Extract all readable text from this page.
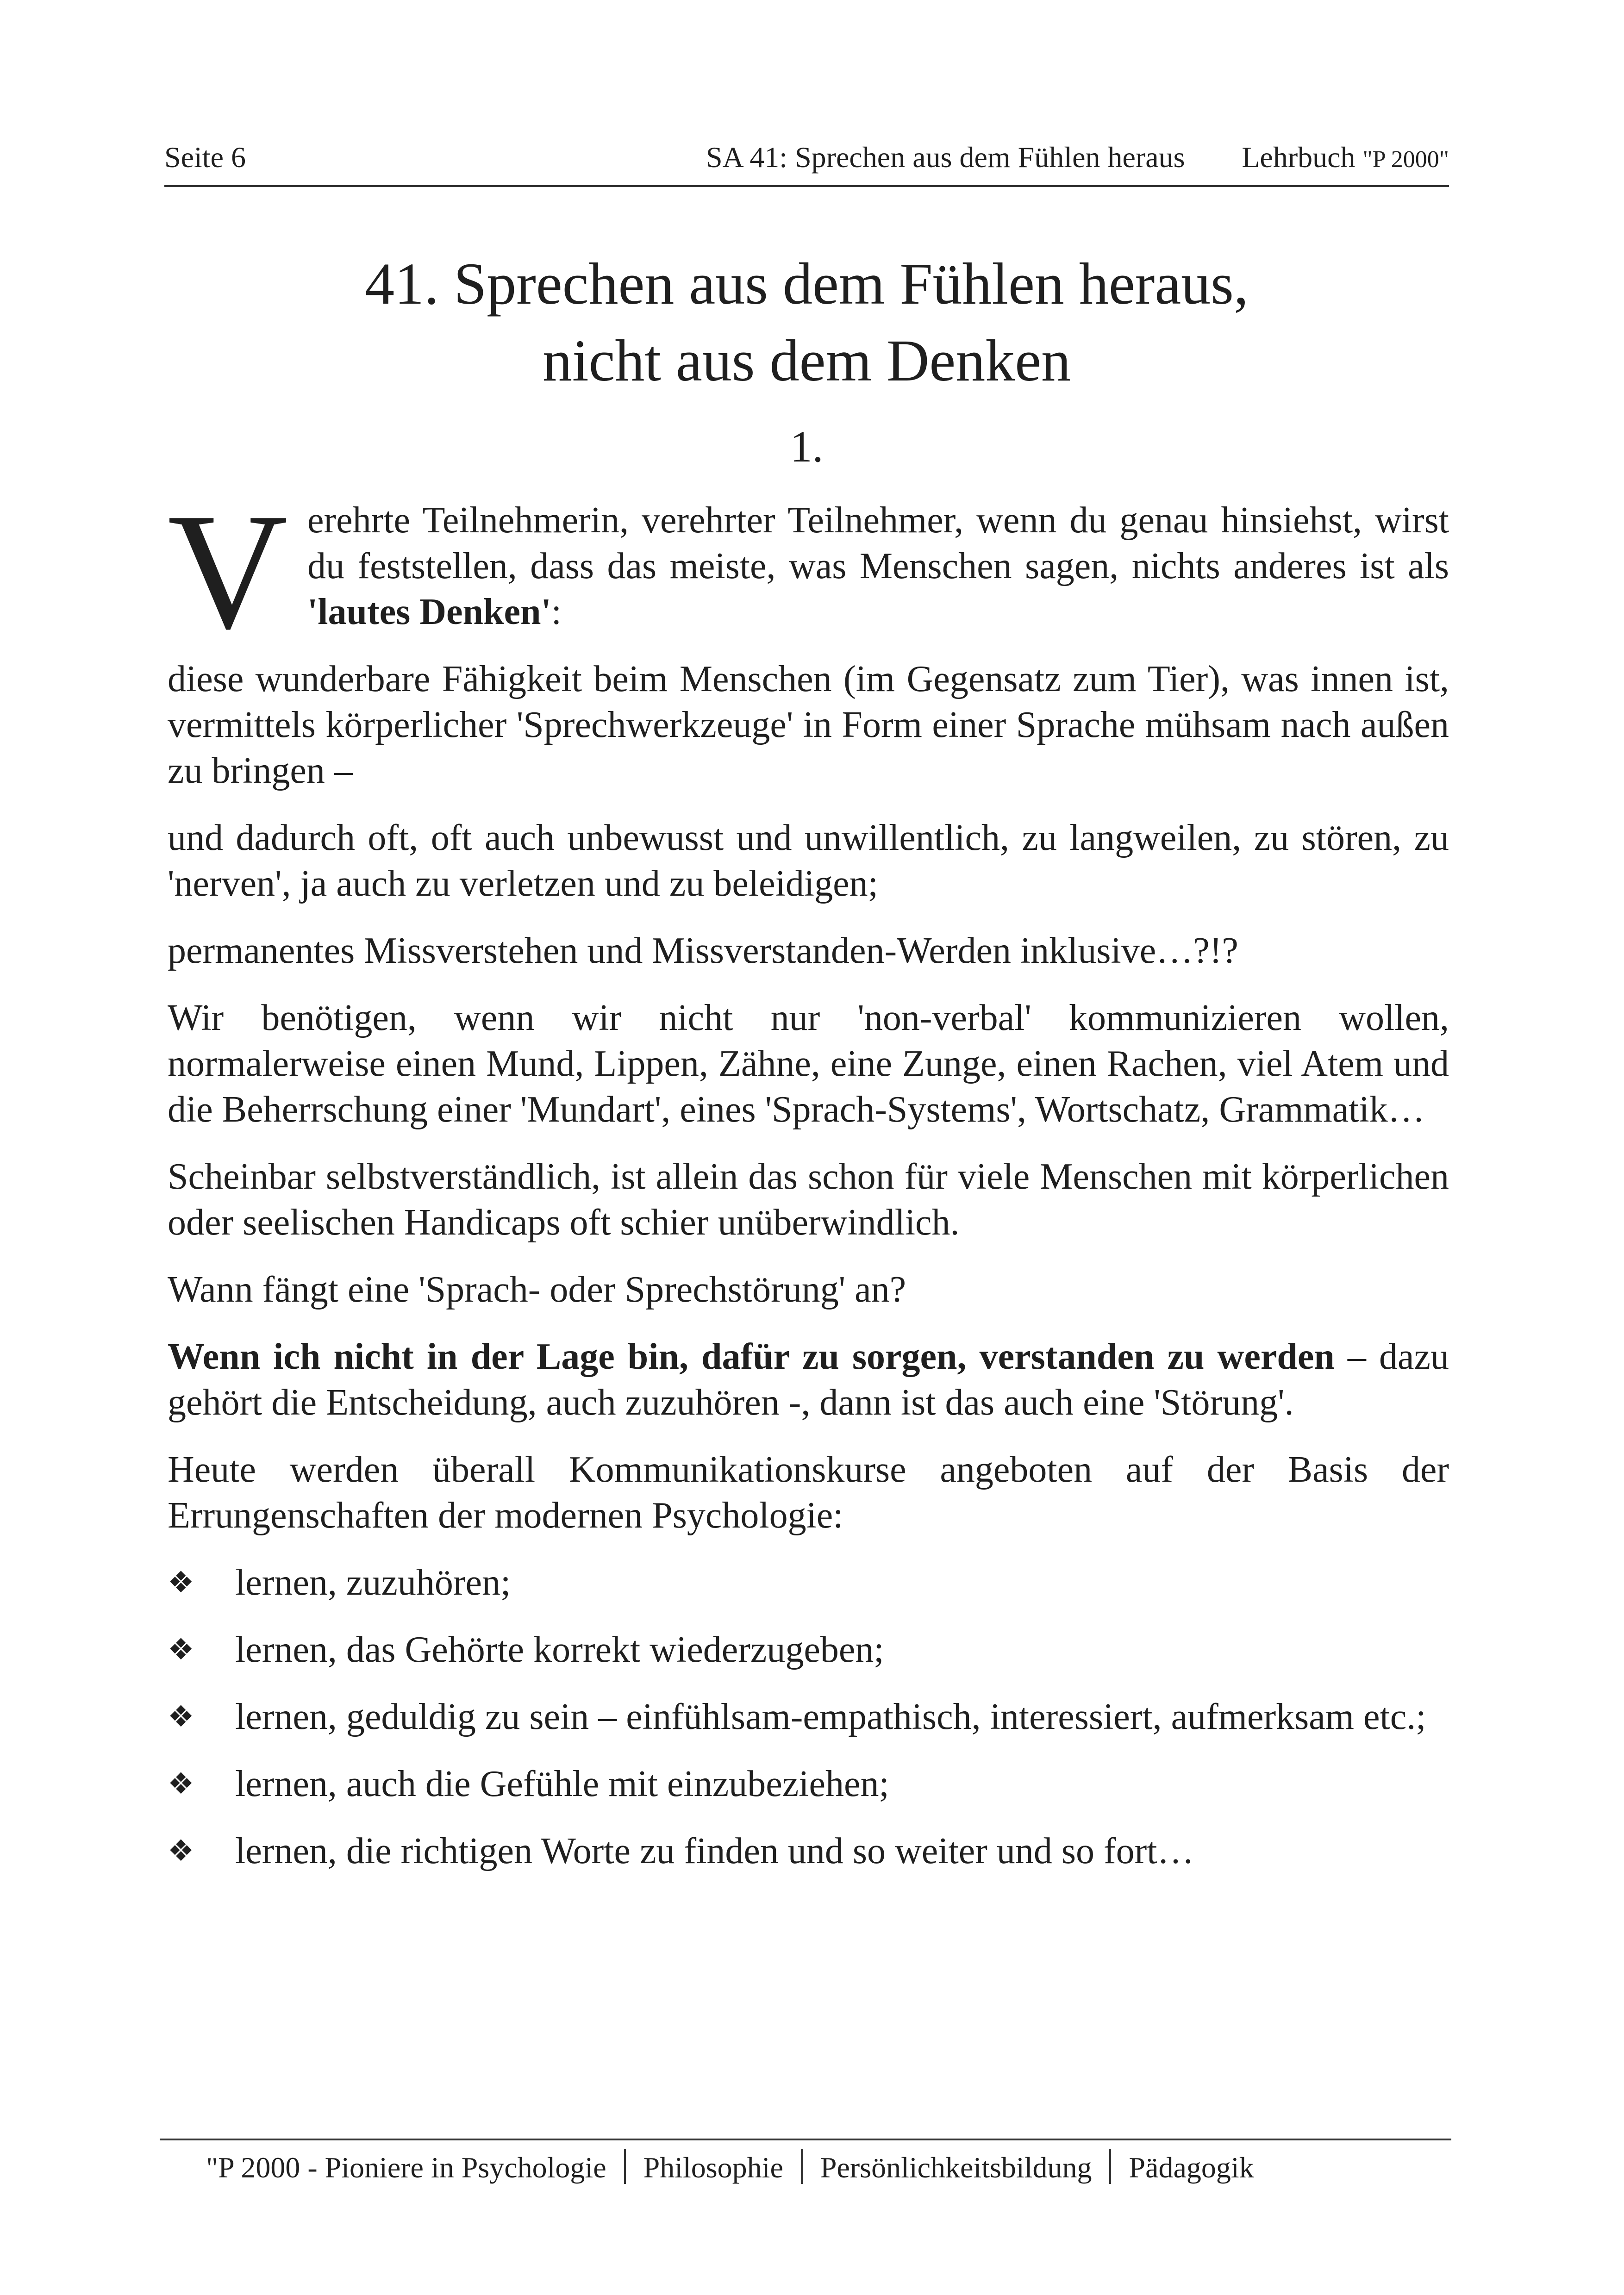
Seite 6	SA 41: Sprechen aus dem Fühlen heraus Lehrbuch "P 2000"
41. Sprechen aus dem Fühlen heraus,
nicht aus dem Denken
1.
V erehrte Teilnehmerin, verehrter Teilnehmer, wenn du genau hinsiehst, wirst du feststellen, dass das meiste, was Menschen sagen, nichts anderes ist als 'lautes Denken':

diese wunderbare Fähigkeit beim Menschen (im Gegensatz zum Tier), was innen ist, vermittels körperlicher 'Sprechwerkzeuge' in Form einer Sprache mühsam nach außen zu bringen –

und dadurch oft, oft auch unbewusst und unwillentlich, zu langweilen, zu stören, zu 'nerven', ja auch zu verletzen und zu beleidigen;

permanentes Missverstehen und Missverstanden-Werden inklusive…?!?

Wir benötigen, wenn wir nicht nur 'non-verbal' kommunizieren wollen, normalerweise einen Mund, Lippen, Zähne, eine Zunge, einen Rachen, viel Atem und die Beherrschung einer 'Mundart', eines 'Sprach-Systems', Wortschatz, Grammatik…

Scheinbar selbstverständlich, ist allein das schon für viele Menschen mit körperlichen oder seelischen Handicaps oft schier unüberwindlich.

Wann fängt eine 'Sprach- oder Sprechstörung' an?

Wenn ich nicht in der Lage bin, dafür zu sorgen, verstanden zu werden – dazu gehört die Entscheidung, auch zuzuhören -, dann ist das auch eine 'Störung'.

Heute werden überall Kommunikationskurse angeboten auf der Basis der Errungenschaften der modernen Psychologie:

❖ lernen, zuzuhören;
❖ lernen, das Gehörte korrekt wiederzugeben;
❖ lernen, geduldig zu sein – einfühlsam-empathisch, interessiert, aufmerksam etc.;
❖ lernen, auch die Gefühle mit einzubeziehen;
❖ lernen, die richtigen Worte zu finden und so weiter und so fort…
"P 2000 - Pioniere in Psychologie Philosophie Persönlichkeitsbildung Pädagogik
